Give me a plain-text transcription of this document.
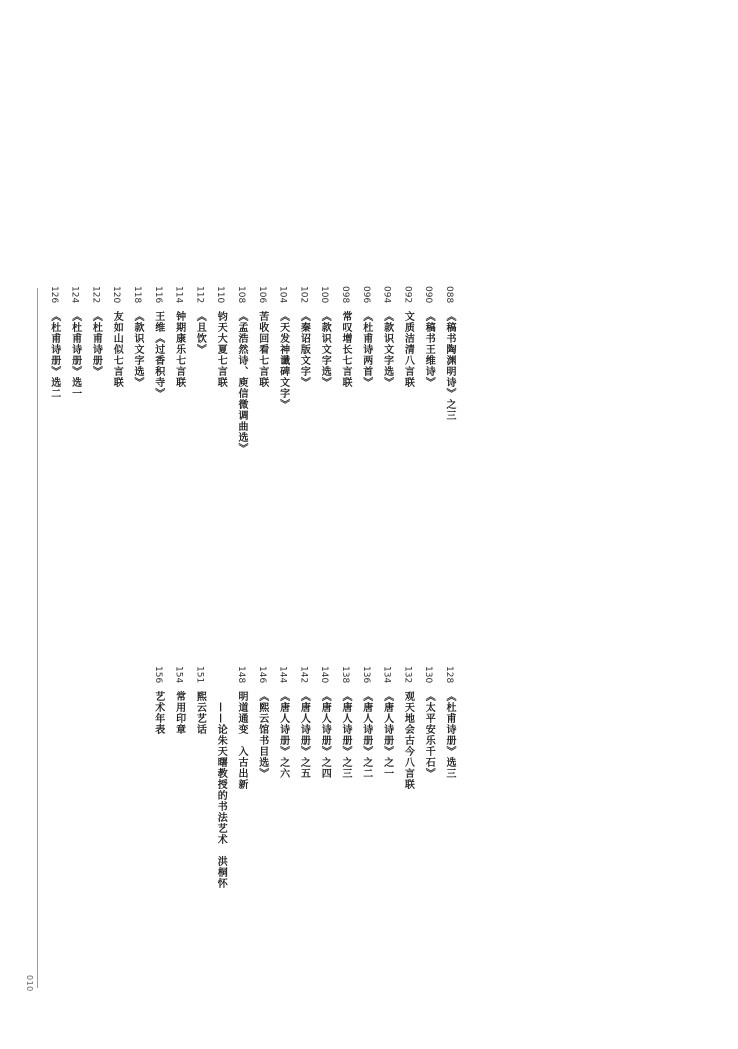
010
088《稿书陶渊明诗》之三
090《稿书王维诗》
092文质洁清八言联
094《款识文字选》
096《杜甫诗两首》
098常叹增长七言联
100《款识文字选》
102《秦诏版文字》
104《天发神谶碑文字》
106苦收回看七言联
108《孟浩然诗、庾信微调曲选》
110钧天大夏七言联
112《且饮》
114钟期康乐七言联
116王维《过香积寺》
118《款识文字选》
120友如山似七言联
122《杜甫诗册》
124《杜甫诗册》选一
126《杜甫诗册》选二
128《杜甫诗册》选三
130《太平安乐千石》
132观天地会古今八言联
134《唐人诗册》之一
136《唐人诗册》之二
138《唐人诗册》之三
140《唐人诗册》之四
142《唐人诗册》之五
144《唐人诗册》之六
146《熙云馆书目选》
148明道通变　入古出新
——论朱天曙教授的书法艺术　洪桐怀
151熙云艺话
154常用印章
156艺术年表
